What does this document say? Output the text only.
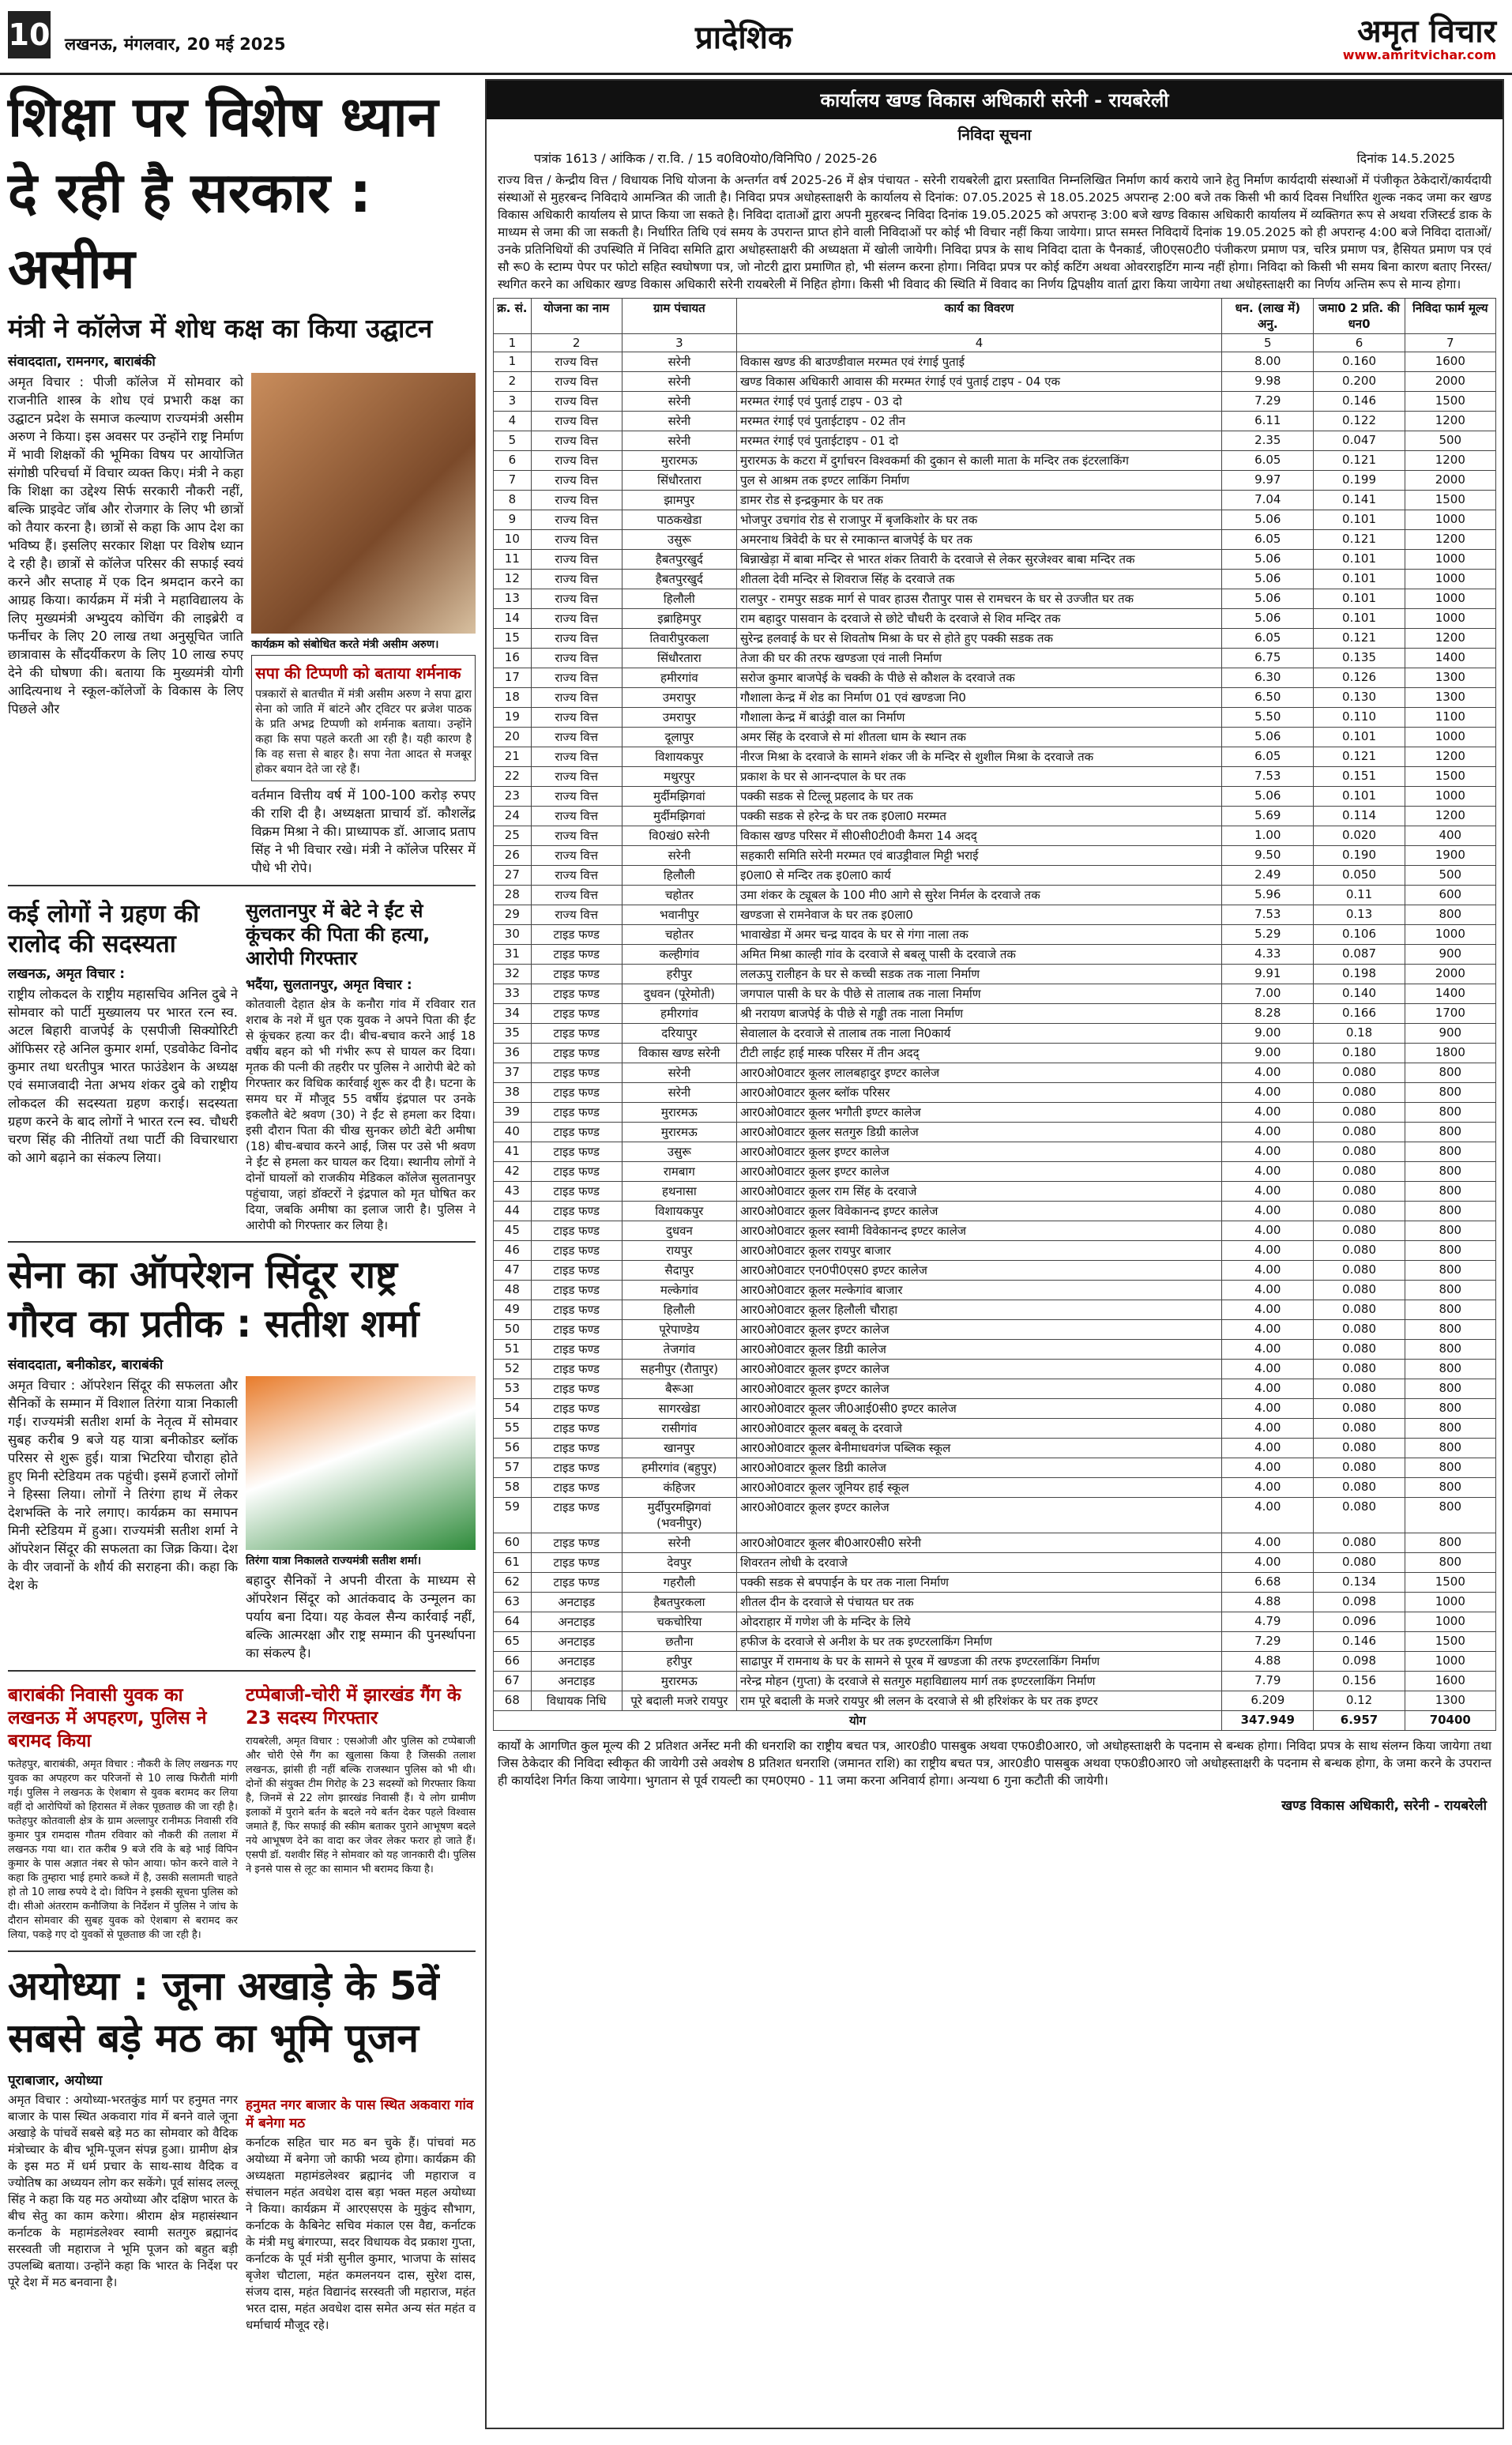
10 लखनऊ, मंगलवार, 20 मई 2025	प्रादेशिक	अमृत विचार
www.amritvichar.com
शिक्षा पर विशेष ध्यान दे रही है सरकार : असीम
मंत्री ने कॉलेज में शोध कक्ष का किया उद्घाटन
संवाददाता, रामनगर, बाराबंकी
अमृत विचार : पीजी कॉलेज में सोमवार को राजनीति शास्त्र के शोध एवं प्रभारी कक्ष का उद्घाटन प्रदेश के समाज कल्याण राज्यमंत्री असीम अरुण ने किया। इस अवसर पर उन्होंने राष्ट्र निर्माण में भावी शिक्षकों की भूमिका विषय पर आयोजित संगोष्ठी परिचर्चा में विचार व्यक्त किए। मंत्री ने कहा कि शिक्षा का उद्देश्य सिर्फ सरकारी नौकरी नहीं, बल्कि प्राइवेट जॉब और रोजगार के लिए भी छात्रों को तैयार करना है। छात्रों से कहा कि आप देश का भविष्य हैं। इसलिए सरकार शिक्षा पर विशेष ध्यान दे रही है। छात्रों से कॉलेज परिसर की सफाई स्वयं करने और सप्ताह में एक दिन श्रमदान करने का आग्रह किया। कार्यक्रम में मंत्री ने महाविद्यालय के लिए मुख्यमंत्री अभ्युदय कोचिंग की लाइब्रेरी व फर्नीचर के लिए 20 लाख तथा अनुसूचित जाति छात्रावास के सौंदर्यीकरण के लिए 10 लाख रुपए देने की घोषणा की। बताया कि मुख्यमंत्री योगी आदित्यनाथ ने स्कूल-कॉलेजों के विकास के लिए पिछले और
कार्यक्रम को संबोधित करते मंत्री असीम अरुण।
सपा की टिप्पणी को बताया शर्मनाक
पत्रकारों से बातचीत में मंत्री असीम अरुण ने सपा द्वारा सेना को जाति में बांटने और ट्विटर पर ब्रजेश पाठक के प्रति अभद्र टिप्पणी को शर्मनाक बताया। उन्होंने कहा कि सपा पहले करती आ रही है। यही कारण है कि वह सत्ता से बाहर है। सपा नेता आदत से मजबूर होकर बयान देते जा रहे हैं।
वर्तमान वित्तीय वर्ष में 100-100 करोड़ रुपए की राशि दी है। अध्यक्षता प्राचार्य डॉ. कौशलेंद्र विक्रम मिश्रा ने की। प्राध्यापक डॉ. आजाद प्रताप सिंह ने भी विचार रखे। मंत्री ने कॉलेज परिसर में पौधे भी रोपे।
कई लोगों ने ग्रहण की रालोद की सदस्यता
लखनऊ, अमृत विचार :
राष्ट्रीय लोकदल के राष्ट्रीय महासचिव अनिल दुबे ने सोमवार को पार्टी मुख्यालय पर भारत रत्न स्व. अटल बिहारी वाजपेई के एसपीजी सिक्योरिटी ऑफिसर रहे अनिल कुमार शर्मा, एडवोकेट विनोद कुमार तथा धरतीपुत्र भारत फाउंडेशन के अध्यक्ष एवं समाजवादी नेता अभय शंकर दुबे को राष्ट्रीय लोकदल की सदस्यता ग्रहण कराई। सदस्यता ग्रहण करने के बाद लोगों ने भारत रत्न स्व. चौधरी चरण सिंह की नीतियों तथा पार्टी की विचारधारा को आगे बढ़ाने का संकल्प लिया।
सुलतानपुर में बेटे ने ईंट से कूंचकर की पिता की हत्या, आरोपी गिरफ्तार
भदैंया, सुलतानपुर, अमृत विचार :
कोतवाली देहात क्षेत्र के कनौरा गांव में रविवार रात शराब के नशे में धुत एक युवक ने अपने पिता की ईंट से कूंचकर हत्या कर दी। बीच-बचाव करने आई 18 वर्षीय बहन को भी गंभीर रूप से घायल कर दिया। मृतक की पत्नी की तहरीर पर पुलिस ने आरोपी बेटे को गिरफ्तार कर विधिक कार्रवाई शुरू कर दी है। घटना के समय घर में मौजूद 55 वर्षीय इंद्रपाल पर उनके इकलौते बेटे श्रवण (30) ने ईंट से हमला कर दिया। इसी दौरान पिता की चीख सुनकर छोटी बेटी अमीषा (18) बीच-बचाव करने आई, जिस पर उसे भी श्रवण ने ईंट से हमला कर घायल कर दिया। स्थानीय लोगों ने दोनों घायलों को राजकीय मेडिकल कॉलेज सुलतानपुर पहुंचाया, जहां डॉक्टरों ने इंद्रपाल को मृत घोषित कर दिया, जबकि अमीषा का इलाज जारी है। पुलिस ने आरोपी को गिरफ्तार कर लिया है।
सेना का ऑपरेशन सिंदूर राष्ट्र गौरव का प्रतीक : सतीश शर्मा
संवाददाता, बनीकोडर, बाराबंकी
अमृत विचार : ऑपरेशन सिंदूर की सफलता और सैनिकों के सम्मान में विशाल तिरंगा यात्रा निकाली गई। राज्यमंत्री सतीश शर्मा के नेतृत्व में सोमवार सुबह करीब 9 बजे यह यात्रा बनीकोडर ब्लॉक परिसर से शुरू हुई। यात्रा भिटरिया चौराहा होते हुए मिनी स्टेडियम तक पहुंची। इसमें हजारों लोगों ने हिस्सा लिया। लोगों ने तिरंगा हाथ में लेकर देशभक्ति के नारे लगाए। कार्यक्रम का समापन मिनी स्टेडियम में हुआ। राज्यमंत्री सतीश शर्मा ने ऑपरेशन सिंदूर की सफलता का जिक्र किया। देश के वीर जवानों के शौर्य की सराहना की। कहा कि देश के
तिरंगा यात्रा निकालते राज्यमंत्री सतीश शर्मा।
बहादुर सैनिकों ने अपनी वीरता के माध्यम से ऑपरेशन सिंदूर को आतंकवाद के उन्मूलन का पर्याय बना दिया। यह केवल सैन्य कार्रवाई नहीं, बल्कि आत्मरक्षा और राष्ट्र सम्मान की पुनर्स्थापना का संकल्प है।
बाराबंकी निवासी युवक का लखनऊ में अपहरण, पुलिस ने बरामद किया
फतेहपुर, बाराबंकी, अमृत विचार : नौकरी के लिए लखनऊ गए युवक का अपहरण कर परिजनों से 10 लाख फिरौती मांगी गई। पुलिस ने लखनऊ के ऐशबाग से युवक बरामद कर लिया वहीं दो आरोपियों को हिरासत में लेकर पूछताछ की जा रही है। फतेहपुर कोतवाली क्षेत्र के ग्राम अल्लापुर रानीमऊ निवासी रवि कुमार पुत्र रामदास गौतम रविवार को नौकरी की तलाश में लखनऊ गया था। रात करीब 9 बजे रवि के बड़े भाई विपिन कुमार के पास अज्ञात नंबर से फोन आया। फोन करने वाले ने कहा कि तुम्हारा भाई हमारे कब्जे में है, उसकी सलामती चाहते हो तो 10 लाख रुपये दे दो। विपिन ने इसकी सूचना पुलिस को दी। सीओ अंतरराम कनौजिया के निर्देशन में पुलिस ने जांच के दौरान सोमवार की सुबह युवक को ऐशबाग से बरामद कर लिया, पकड़े गए दो युवकों से पूछताछ की जा रही है।
टप्पेबाजी-चोरी में झारखंड गैंग के 23 सदस्य गिरफ्तार
रायबरेली, अमृत विचार : एसओजी और पुलिस को टप्पेबाजी और चोरी ऐसे गैंग का खुलासा किया है जिसकी तलाश लखनऊ, झांसी ही नहीं बल्कि राजस्थान पुलिस को भी थी। दोनों की संयुक्त टीम गिरोह के 23 सदस्यों को गिरफ्तार किया है, जिनमें से 22 लोग झारखंड निवासी हैं। ये लोग ग्रामीण इलाकों में पुराने बर्तन के बदले नये बर्तन देकर पहले विश्वास जमाते हैं, फिर सफाई की स्कीम बताकर पुराने आभूषण बदले नये आभूषण देने का वादा कर जेवर लेकर फरार हो जाते हैं। एसपी डॉ. यशवीर सिंह ने सोमवार को यह जानकारी दी। पुलिस ने इनसे पास से लूट का सामान भी बरामद किया है।
अयोध्या : जूना अखाड़े के 5वें सबसे बड़े मठ का भूमि पूजन
पूराबाजार, अयोध्या
अमृत विचार : अयोध्या-भरतकुंड मार्ग पर हनुमत नगर बाजार के पास स्थित अकवारा गांव में बनने वाले जूना अखाड़े के पांचवें सबसे बड़े मठ का सोमवार को वैदिक मंत्रोच्चार के बीच भूमि-पूजन संपन्न हुआ। ग्रामीण क्षेत्र के इस मठ में धर्म प्रचार के साथ-साथ वैदिक व ज्योतिष का अध्ययन लोग कर सकेंगे। पूर्व सांसद लल्लू सिंह ने कहा कि यह मठ अयोध्या और दक्षिण भारत के बीच सेतु का काम करेगा। श्रीराम क्षेत्र महासंस्थान कर्नाटक के महामंडलेश्वर स्वामी सतगुरु ब्रह्मानंद सरस्वती जी महाराज ने भूमि पूजन को बहुत बड़ी उपलब्धि बताया। उन्होंने कहा कि भारत के निर्देश पर पूरे देश में मठ बनवाना है।
हनुमत नगर बाजार के पास स्थित अकवारा गांव में बनेगा मठ
कर्नाटक सहित चार मठ बन चुके हैं। पांचवां मठ अयोध्या में बनेगा जो काफी भव्य होगा। कार्यक्रम की अध्यक्षता महामंडलेश्वर ब्रह्मानंद जी महाराज व संचालन महंत अवधेश दास बड़ा भक्त महल अयोध्या ने किया। कार्यक्रम में आरएसएस के मुकुंद सौभाग, कर्नाटक के कैबिनेट सचिव मंकाल एस वैद्य, कर्नाटक के मंत्री मधु बंगारप्पा, सदर विधायक वेद प्रकाश गुप्ता, कर्नाटक के पूर्व मंत्री सुनील कुमार, भाजपा के सांसद बृजेश चौटाला, महंत कमलनयन दास, सुरेश दास, संजय दास, महंत विद्यानंद सरस्वती जी महाराज, महंत भरत दास, महंत अवधेश दास समेत अन्य संत महंत व धर्माचार्य मौजूद रहे।
कार्यालय खण्ड विकास अधिकारी सरेनी - रायबरेली
निविदा सूचना
पत्रांक 1613 / आंकिक / रा.वि. / 15 व0वि0यो0/विनिपि0 / 2025-26	दिनांक 14.5.2025
राज्य वित्त / केन्द्रीय वित्त / विधायक निधि योजना के अन्तर्गत वर्ष 2025-26 में क्षेत्र पंचायत - सरेनी रायबरेली द्वारा प्रस्तावित निम्नलिखित निर्माण कार्य कराये जाने हेतु निर्माण कार्यदायी संस्थाओं में पंजीकृत ठेकेदारों/कार्यदायी संस्थाओं से मुहरबन्द निविदाये आमन्त्रित की जाती है। निविदा प्रपत्र अधोहस्ताक्षरी के कार्यालय से दिनांक: 07.05.2025 से 18.05.2025 अपरान्ह 2:00 बजे तक किसी भी कार्य दिवस निर्धारित शुल्क नकद जमा कर खण्ड विकास अधिकारी कार्यालय से प्राप्त किया जा सकते है। निविदा दाताओं द्वारा अपनी मुहरबन्द निविदा दिनांक 19.05.2025 को अपरान्ह 3:00 बजे खण्ड विकास अधिकारी कार्यालय में व्यक्तिगत रूप से अथवा रजिस्टर्ड डाक के माध्यम से जमा की जा सकती है। निर्धारित तिथि एवं समय के उपरान्त प्राप्त होने वाली निविदाओं पर कोई भी विचार नहीं किया जायेगा। प्राप्त समस्त निविदायें दिनांक 19.05.2025 को ही अपरान्ह 4:00 बजे निविदा दाताओं/उनके प्रतिनिधियों की उपस्थिति में निविदा समिति द्वारा अधोहस्ताक्षरी की अध्यक्षता में खोली जायेगी। निविदा प्रपत्र के साथ निविदा दाता के पैनकार्ड, जी0एस0टी0 पंजीकरण प्रमाण पत्र, चरित्र प्रमाण पत्र, हैसियत प्रमाण पत्र एवं सौ रू0 के स्टाम्प पेपर पर फोटो सहित स्वघोषणा पत्र, जो नोटरी द्वारा प्रमाणित हो, भी संलग्न करना होगा। निविदा प्रपत्र पर कोई कटिंग अथवा ओवरराइटिंग मान्य नहीं होगा। निविदा को किसी भी समय बिना कारण बताए निरस्त/स्थगित करने का अधिकार खण्ड विकास अधिकारी सरेनी रायबरेली में निहित होगा। किसी भी विवाद की स्थिति में विवाद का निर्णय द्विपक्षीय वार्ता द्वारा किया जायेगा तथा अधोहस्ताक्षरी का निर्णय अन्तिम रूप से मान्य होगा।
क्र. सं.	योजना का नाम	ग्राम पंचायत	कार्य का विवरण	धन. (लाख में) अनु.	जमा0 2 प्रति. की धन0	निविदा फार्म मूल्य
1	2	3	4	5	6	7
1	राज्य वित्त	सरेनी	विकास खण्ड की बाउण्डीवाल मरम्मत एवं रंगाई पुताई	8.00	0.160	1600
2	राज्य वित्त	सरेनी	खण्ड विकास अधिकारी आवास की मरम्मत रंगाई एवं पुताई टाइप - 04 एक	9.98	0.200	2000
3	राज्य वित्त	सरेनी	मरम्मत रंगाई एवं पुताई टाइप - 03 दो	7.29	0.146	1500
4	राज्य वित्त	सरेनी	मरम्मत रंगाई एवं पुताईटाइप - 02 तीन	6.11	0.122	1200
5	राज्य वित्त	सरेनी	मरम्मत रंगाई एवं पुताईटाइप - 01 दो	2.35	0.047	500
6	राज्य वित्त	मुरारमऊ	मुरारमऊ के कटरा में दुर्गाचरन विश्वकर्मा की दुकान से काली माता के मन्दिर तक इंटरलाकिंग	6.05	0.121	1200
7	राज्य वित्त	सिंधौरतारा	पुल से आश्रम तक इण्टर लाकिंग निर्माण	9.97	0.199	2000
8	राज्य वित्त	झामपुर	डामर रोड से इन्द्रकुमार के घर तक	7.04	0.141	1500
9	राज्य वित्त	पाठकखेडा	भोजपुर उचगांव रोड से राजापुर में बृजकिशोर के घर तक	5.06	0.101	1000
10	राज्य वित्त	उसुरू	अमरनाथ त्रिवेदी के घर से रमाकान्त बाजपेई के घर तक	6.05	0.121	1200
11	राज्य वित्त	हैबतपुरखुर्द	बिन्नाखेड़ा में बाबा मन्दिर से भारत शंकर तिवारी के दरवाजे से लेकर सुरजेश्वर बाबा मन्दिर तक	5.06	0.101	1000
12	राज्य वित्त	हैबतपुरखुर्द	शीतला देवी मन्दिर से शिवराज सिंह के दरवाजे तक	5.06	0.101	1000
13	राज्य वित्त	हिलौली	रालपुर - रामपुर सडक मार्ग से पावर हाउस रौतापुर पास से रामचरन के घर से उज्जीत घर तक	5.06	0.101	1000
14	राज्य वित्त	इब्राहिमपुर	राम बहादुर पासवान के दरवाजे से छोटे चौधरी के दरवाजे से शिव मन्दिर तक	5.06	0.101	1000
15	राज्य वित्त	तिवारीपुरकला	सुरेन्द्र हलवाई के घर से शिवतोष मिश्रा के घर से होते हुए पक्की सडक तक	6.05	0.121	1200
16	राज्य वित्त	सिंधौरतारा	तेजा की घर की तरफ खण्डजा एवं नाली निर्माण	6.75	0.135	1400
17	राज्य वित्त	हमीरगांव	सरोज कुमार बाजपेई के चक्की के पीछे से कौशल के दरवाजे तक	6.30	0.126	1300
18	राज्य वित्त	उमरापुर	गौशाला केन्द्र में शेड का निर्माण 01 एवं खण्डजा नि0	6.50	0.130	1300
19	राज्य वित्त	उमरापुर	गौशाला केन्द्र में बाउंड्री वाल का निर्माण	5.50	0.110	1100
20	राज्य वित्त	दूलापुर	अमर सिंह के दरवाजे से मां शीतला धाम के स्थान तक	5.06	0.101	1000
21	राज्य वित्त	विशायकपुर	नीरज मिश्रा के दरवाजे के सामने शंकर जी के मन्दिर से शुशील मिश्रा के दरवाजे तक	6.05	0.121	1200
22	राज्य वित्त	मथुरपुर	प्रकाश के घर से आनन्दपाल के घर तक	7.53	0.151	1500
23	राज्य वित्त	मुर्दीमझिगवां	पक्की सडक से टिल्लू प्रहलाद के घर तक	5.06	0.101	1000
24	राज्य वित्त	मुर्दीमझिगवां	पक्की सडक से हरेन्द्र के घर तक इ0ला0 मरम्मत	5.69	0.114	1200
25	राज्य वित्त	वि0खं0 सरेनी	विकास खण्ड परिसर में सी0सी0टी0वी कैमरा 14 अदद्	1.00	0.020	400
26	राज्य वित्त	सरेनी	सहकारी समिति सरेनी मरम्मत एवं बाउड्रीवाल मिट्टी भराई	9.50	0.190	1900
27	राज्य वित्त	हिलौली	इ0ला0 से मन्दिर तक इ0ला0 कार्य	2.49	0.050	500
28	राज्य वित्त	चहोतर	उमा शंकर के ट्यूबल के 100 मी0 आगे से सुरेश निर्मल के दरवाजे तक	5.96	0.11	600
29	राज्य वित्त	भवानीपुर	खण्डजा से रामनेवाज के घर तक इ0ला0	7.53	0.13	800
30	टाइड फण्ड	चहोतर	भावाखेडा में अमर चन्द्र यादव के घर से गंगा नाला तक	5.29	0.106	1000
31	टाइड फण्ड	कल्हीगांव	अमित मिश्रा काल्ही गांव के दरवाजे से बबलू पासी के दरवाजे तक	4.33	0.087	900
32	टाइड फण्ड	हरीपुर	ललऊपु रालीहन के घर से कच्ची सडक तक नाला निर्माण	9.91	0.198	2000
33	टाइड फण्ड	दुधवन (पूरेमोती)	जगपाल पासी के घर के पीछे से तालाब तक नाला निर्माण	7.00	0.140	1400
34	टाइड फण्ड	हमीरगांव	श्री नरायण बाजपेई के पीछे से गड्ढी तक नाला निर्माण	8.28	0.166	1700
35	टाइड फण्ड	दरियापुर	सेवालाल के दरवाजे से तालाब तक नाला नि0कार्य	9.00	0.18	900
36	टाइड फण्ड	विकास खण्ड सरेनी	टीटी लाईट हाई मास्क परिसर में तीन अदद्	9.00	0.180	1800
37	टाइड फण्ड	सरेनी	आर0ओ0वाटर कूलर लालबहादुर इण्टर कालेज	4.00	0.080	800
38	टाइड फण्ड	सरेनी	आर0ओ0वाटर कूलर ब्लॉक परिसर	4.00	0.080	800
39	टाइड फण्ड	मुरारमऊ	आर0ओ0वाटर कूलर भगौती इण्टर कालेज	4.00	0.080	800
40	टाइड फण्ड	मुरारमऊ	आर0ओ0वाटर कूलर सतगुरु डिग्री कालेज	4.00	0.080	800
41	टाइड फण्ड	उसुरू	आर0ओ0वाटर कूलर इण्टर कालेज	4.00	0.080	800
42	टाइड फण्ड	रामबाग	आर0ओ0वाटर कूलर इण्टर कालेज	4.00	0.080	800
43	टाइड फण्ड	हथनासा	आर0ओ0वाटर कूलर राम सिंह के दरवाजे	4.00	0.080	800
44	टाइड फण्ड	विशायकपुर	आर0ओ0वाटर कूलर विवेकानन्द इण्टर कालेज	4.00	0.080	800
45	टाइड फण्ड	दुधवन	आर0ओ0वाटर कूलर स्वामी विवेकानन्द इण्टर कालेज	4.00	0.080	800
46	टाइड फण्ड	रायपुर	आर0ओ0वाटर कूलर रायपुर बाजार	4.00	0.080	800
47	टाइड फण्ड	सैदापुर	आर0ओ0वाटर एन0पी0एस0 इण्टर कालेज	4.00	0.080	800
48	टाइड फण्ड	मल्केगांव	आर0ओ0वाटर कूलर मल्केगांव बाजार	4.00	0.080	800
49	टाइड फण्ड	हिलौली	आर0ओ0वाटर कूलर हिलौली चौराहा	4.00	0.080	800
50	टाइड फण्ड	पूरेपाण्डेय	आर0ओ0वाटर कूलर इण्टर कालेज	4.00	0.080	800
51	टाइड फण्ड	तेजगांव	आर0ओ0वाटर कूलर डिग्री कालेज	4.00	0.080	800
52	टाइड फण्ड	सहनीपुर (रौतापुर)	आर0ओ0वाटर कूलर इण्टर कालेज	4.00	0.080	800
53	टाइड फण्ड	बैरूआ	आर0ओ0वाटर कूलर इण्टर कालेज	4.00	0.080	800
54	टाइड फण्ड	सागरखेडा	आर0ओ0वाटर कूलर जी0आई0सी0 इण्टर कालेज	4.00	0.080	800
55	टाइड फण्ड	रासीगांव	आर0ओ0वाटर कूलर बबलू के दरवाजे	4.00	0.080	800
56	टाइड फण्ड	खानपुर	आर0ओ0वाटर कूलर बेनीमाधवगंज पब्लिक स्कूल	4.00	0.080	800
57	टाइड फण्ड	हमीरगांव (बहुपुर)	आर0ओ0वाटर कूलर डिग्री कालेज	4.00	0.080	800
58	टाइड फण्ड	कंहिजर	आर0ओ0वाटर कूलर जूनियर हाई स्कूल	4.00	0.080	800
59	टाइड फण्ड	मुर्दीपुरमझिगवां (भवनीपुर)	आर0ओ0वाटर कूलर इण्टर कालेज	4.00	0.080	800
60	टाइड फण्ड	सरेनी	आर0ओ0वाटर कूलर बी0आर0सी0 सरेनी	4.00	0.080	800
61	टाइड फण्ड	देवपुर	शिवरतन लोधी के दरवाजे	4.00	0.080	800
62	टाइड फण्ड	गहरौली	पक्की सडक से बपपाईन के घर तक नाला निर्माण	6.68	0.134	1500
63	अनटाइड	हैबतपुरकला	शीतल दीन के दरवाजे से पंचायत घर तक	4.88	0.098	1000
64	अनटाइड	चकचोरिया	ओदराहार में गणेश जी के मन्दिर के लिये	4.79	0.096	1000
65	अनटाइड	छतौना	हफीज के दरवाजे से अनीश के घर तक इण्टरलाकिंग निर्माण	7.29	0.146	1500
66	अनटाइड	हरीपुर	साढापुर में रामनाथ के घर के सामने से पूरब में खण्डजा की तरफ इण्टरलाकिंग निर्माण	4.88	0.098	1000
67	अनटाइड	मुरारमऊ	नरेन्द्र मोहन (गुप्ता) के दरवाजे से सतगुरु महाविद्यालय मार्ग तक इण्टरलाकिंग निर्माण	7.79	0.156	1600
68	विधायक निधि	पूरे बदाली मजरे रायपुर	राम पूरे बदाली के मजरे रायपुर श्री ललन के दरवाजे से श्री हरिशंकर के घर तक इण्टर	6.209	0.12	1300
योग				347.949	6.957	70400
कार्यों के आगणित कुल मूल्य की 2 प्रतिशत अर्नेस्ट मनी की धनराशि का राष्ट्रीय बचत पत्र, आर0डी0 पासबुक अथवा एफ0डी0आर0, जो अधोहस्ताक्षरी के पदनाम से बन्धक होगा। निविदा प्रपत्र के साथ संलग्न किया जायेगा तथा जिस ठेकेदार की निविदा स्वीकृत की जायेगी उसे अवशेष 8 प्रतिशत धनराशि (जमानत राशि) का राष्ट्रीय बचत पत्र, आर0डी0 पासबुक अथवा एफ0डी0आर0 जो अधोहस्ताक्षरी के पदनाम से बन्धक होगा, के जमा करने के उपरान्त ही कार्यादेश निर्गत किया जायेगा। भुगतान से पूर्व रायल्टी का एम0एम0 - 11 जमा करना अनिवार्य होगा। अन्यथा 6 गुना कटौती की जायेगी।
खण्ड विकास अधिकारी, सरेनी - रायबरेली
